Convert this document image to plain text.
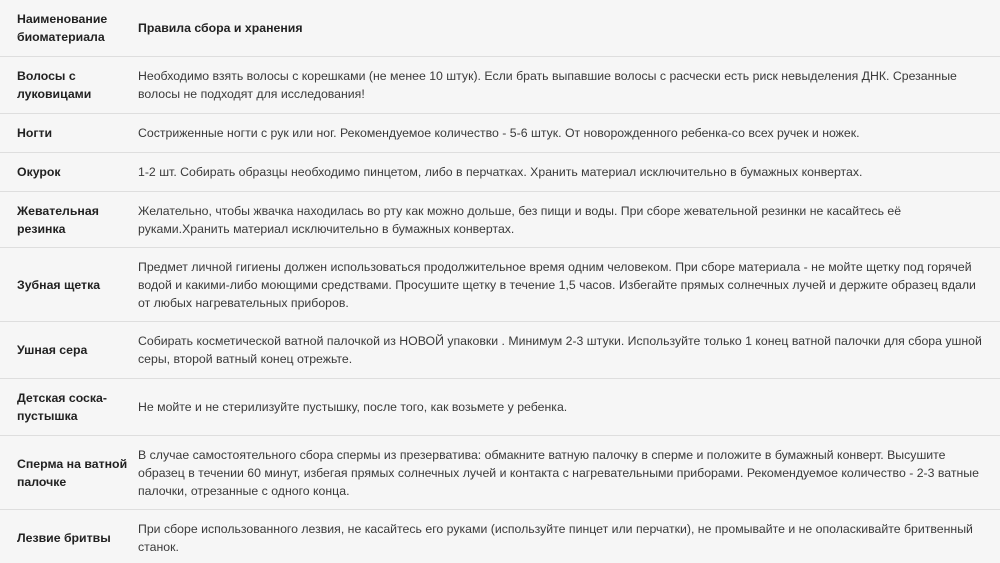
Наименование биоматериала	Правила сбора и хранения
Волосы с луковицами	Необходимо взять волосы с корешками (не менее 10 штук). Если брать выпавшие волосы с расчески есть риск невыделения ДНК. Срезанные волосы не подходят для исследования!
Ногти	Состриженные ногти с рук или ног. Рекомендуемое количество - 5-6 штук. От новорожденного ребенка-со всех ручек и ножек.
Окурок	1-2 шт. Собирать образцы необходимо пинцетом, либо в перчатках. Хранить материал исключительно в бумажных конвертах.
Жевательная резинка	Желательно, чтобы жвачка находилась во рту как можно дольше, без пищи и воды. При сборе жевательной резинки не касайтесь её руками.Хранить материал исключительно в бумажных конвертах.
Зубная щетка	Предмет личной гигиены должен использоваться продолжительное время одним человеком. При сборе материала - не мойте щетку под горячей водой и какими-либо моющими средствами. Просушите щетку в течение 1,5 часов. Избегайте прямых солнечных лучей и держите образец вдали от любых нагревательных приборов.
Ушная сера	Собирать косметической ватной палочкой из НОВОЙ упаковки . Минимум 2-3 штуки. Используйте только 1 конец ватной палочки для сбора ушной серы, второй ватный конец отрежьте.
Детская соска-пустышка	Не мойте и не стерилизуйте пустышку, после того, как возьмете у ребенка.
Сперма на ватной палочке	В случае самостоятельного сбора спермы из презерватива: обмакните ватную палочку в сперме и положите в бумажный конверт. Высушите образец в течении 60 минут, избегая прямых солнечных лучей и контакта с нагревательными приборами. Рекомендуемое количество - 2-3 ватные палочки, отрезанные с одного конца.
Лезвие бритвы	При сборе использованного лезвия, не касайтесь его руками (используйте пинцет или перчатки), не промывайте и не ополаскивайте бритвенный станок.
